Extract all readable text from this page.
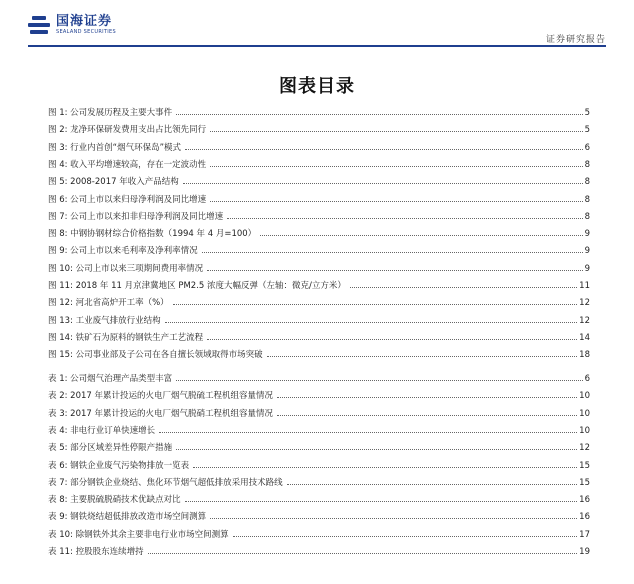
国海证券
SEALAND SECURITIES
证券研究报告
图表目录
图 1: 公司发展历程及主要大事件	5
图 2: 龙净环保研发费用支出占比领先同行	5
图 3: 行业内首创“烟气环保岛”模式	6
图 4: 收入平均增速较高，存在一定波动性	8
图 5: 2008-2017 年收入产品结构	8
图 6: 公司上市以来归母净利润及同比增速	8
图 7: 公司上市以来扣非归母净利润及同比增速	8
图 8: 中钢协钢材综合价格指数（1994 年 4 月=100）	9
图 9: 公司上市以来毛利率及净利率情况	9
图 10: 公司上市以来三项期间费用率情况	9
图 11: 2018 年 11 月京津冀地区 PM2.5 浓度大幅反弹（左轴：微克/立方米）	11
图 12: 河北省高炉开工率（%）	12
图 13: 工业废气排放行业结构	12
图 14: 铁矿石为原料的钢铁生产工艺流程	14
图 15: 公司事业部及子公司在各自擅长领域取得市场突破	18
表 1: 公司烟气治理产品类型丰富	6
表 2: 2017 年累计投运的火电厂烟气脱硫工程机组容量情况	10
表 3: 2017 年累计投运的火电厂烟气脱硝工程机组容量情况	10
表 4: 非电行业订单快速增长	10
表 5: 部分区域差异性停限产措施	12
表 6: 钢铁企业废气污染物排放一览表	15
表 7: 部分钢铁企业烧结、焦化环节烟气超低排放采用技术路线	15
表 8: 主要脱硫脱硝技术优缺点对比	16
表 9: 钢铁烧结超低排放改造市场空间测算	16
表 10: 除钢铁外其余主要非电行业市场空间测算	17
表 11: 控股股东连续增持	19
